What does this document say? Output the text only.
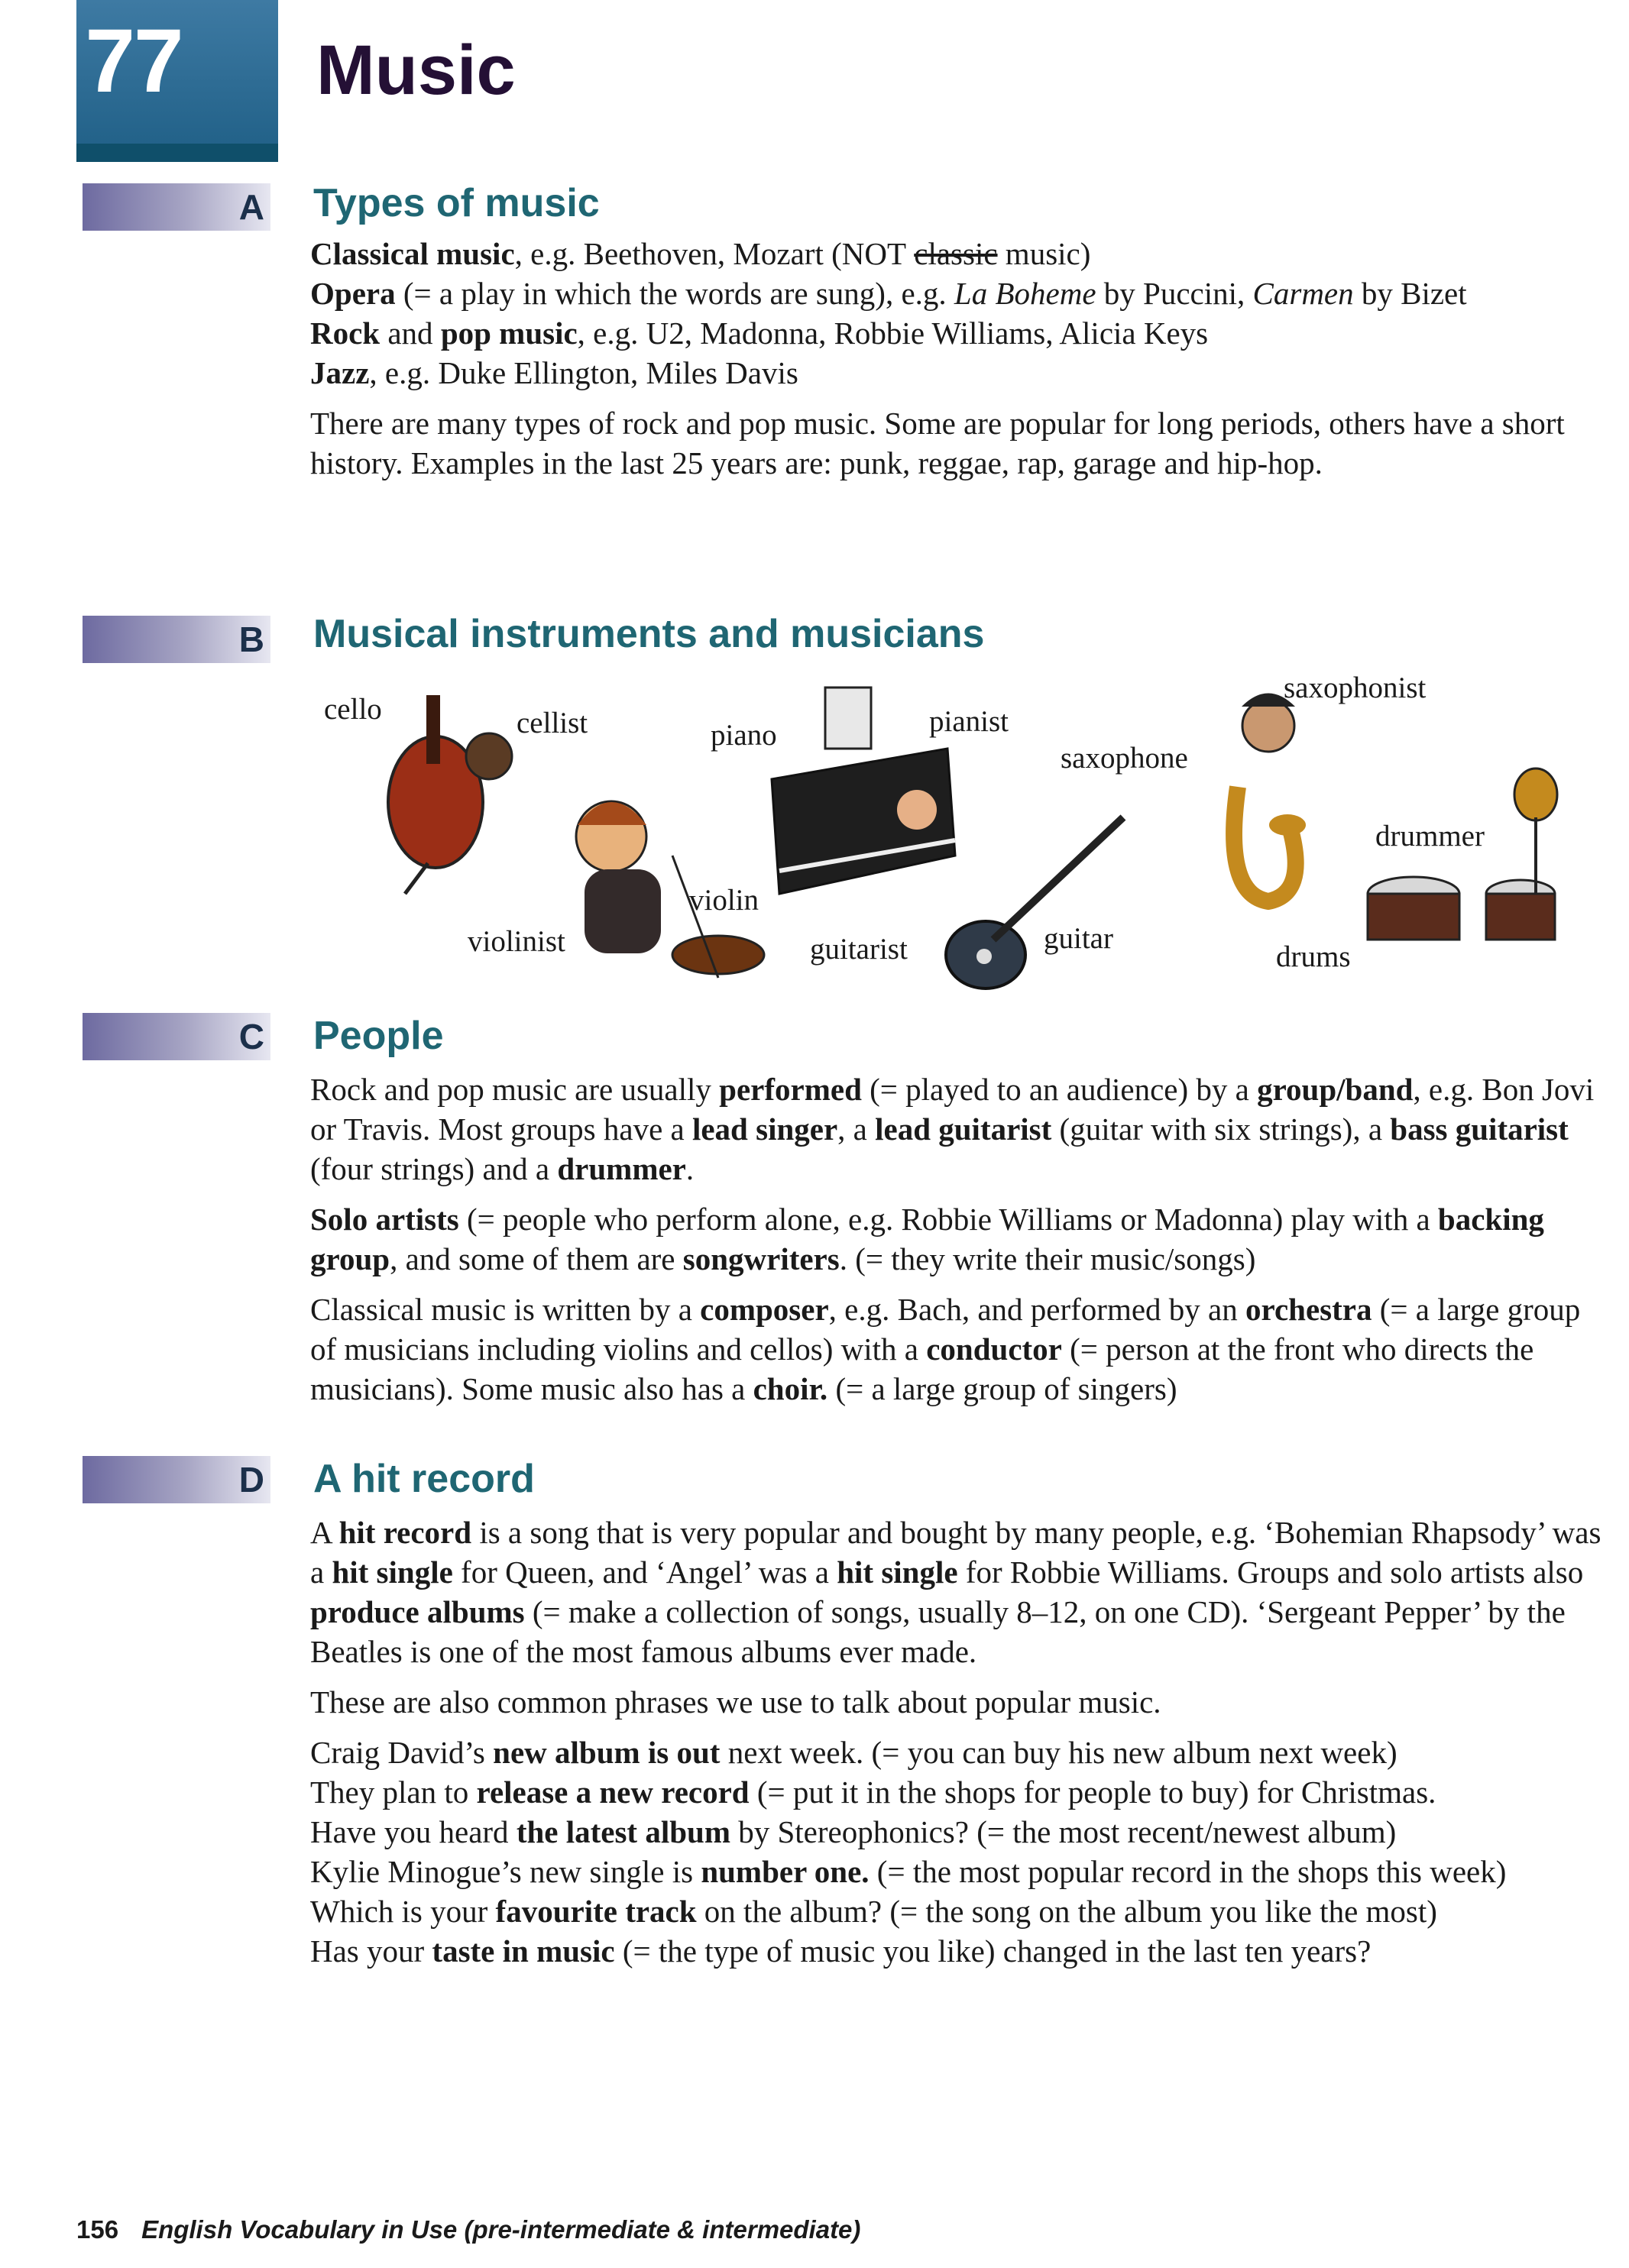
77 Music
A Types of music

Classical music, e.g. Beethoven, Mozart (NOT classic music)

Opera (= a play in which the words are sung), e.g. La Boheme by Puccini, Carmen by Bizet

Rock and pop music, e.g. U2, Madonna, Robbie Williams, Alicia Keys

Jazz, e.g. Duke Ellington, Miles Davis

There are many types of rock and pop music. Some are popular for long periods, others have a short history. Examples in the last 25 years are: punk, reggae, rap, garage and hip-hop.

B Musical instruments and musicians
cello	cellist	piano	pianist
saxophone
saxophonist
drummer
violin
violinist	guitarist	guitar
drums
C People

Rock and pop music are usually performed (= played to an audience) by a group/band, e.g. Bon Jovi or Travis. Most groups have a lead singer, a lead guitarist (guitar with six strings), a bass guitarist (four strings) and a drummer.

Solo artists (= people who perform alone, e.g. Robbie Williams or Madonna) play with a backing group, and some of them are songwriters. (= they write their music/songs)

Classical music is written by a composer, e.g. Bach, and performed by an orchestra (= a large group of musicians including violins and cellos) with a conductor (= person at the front who directs the musicians). Some music also has a choir. (= a large group of singers)

D A hit record

A hit record is a song that is very popular and bought by many people, e.g. ‘Bohemian Rhapsody’ was a hit single for Queen, and ‘Angel’ was a hit single for Robbie Williams. Groups and solo artists also produce albums (= make a collection of songs, usually 8–12, on one CD). ‘Sergeant Pepper’ by the Beatles is one of the most famous albums ever made.

These are also common phrases we use to talk about popular music.

Craig David’s new album is out next week. (= you can buy his new album next week)

They plan to release a new record (= put it in the shops for people to buy) for Christmas.

Have you heard the latest album by Stereophonics? (= the most recent/newest album)

Kylie Minogue’s new single is number one. (= the most popular record in the shops this week)

Which is your favourite track on the album? (= the song on the album you like the most)

Has your taste in music (= the type of music you like) changed in the last ten years?

156 English Vocabulary in Use (pre-intermediate & intermediate)
